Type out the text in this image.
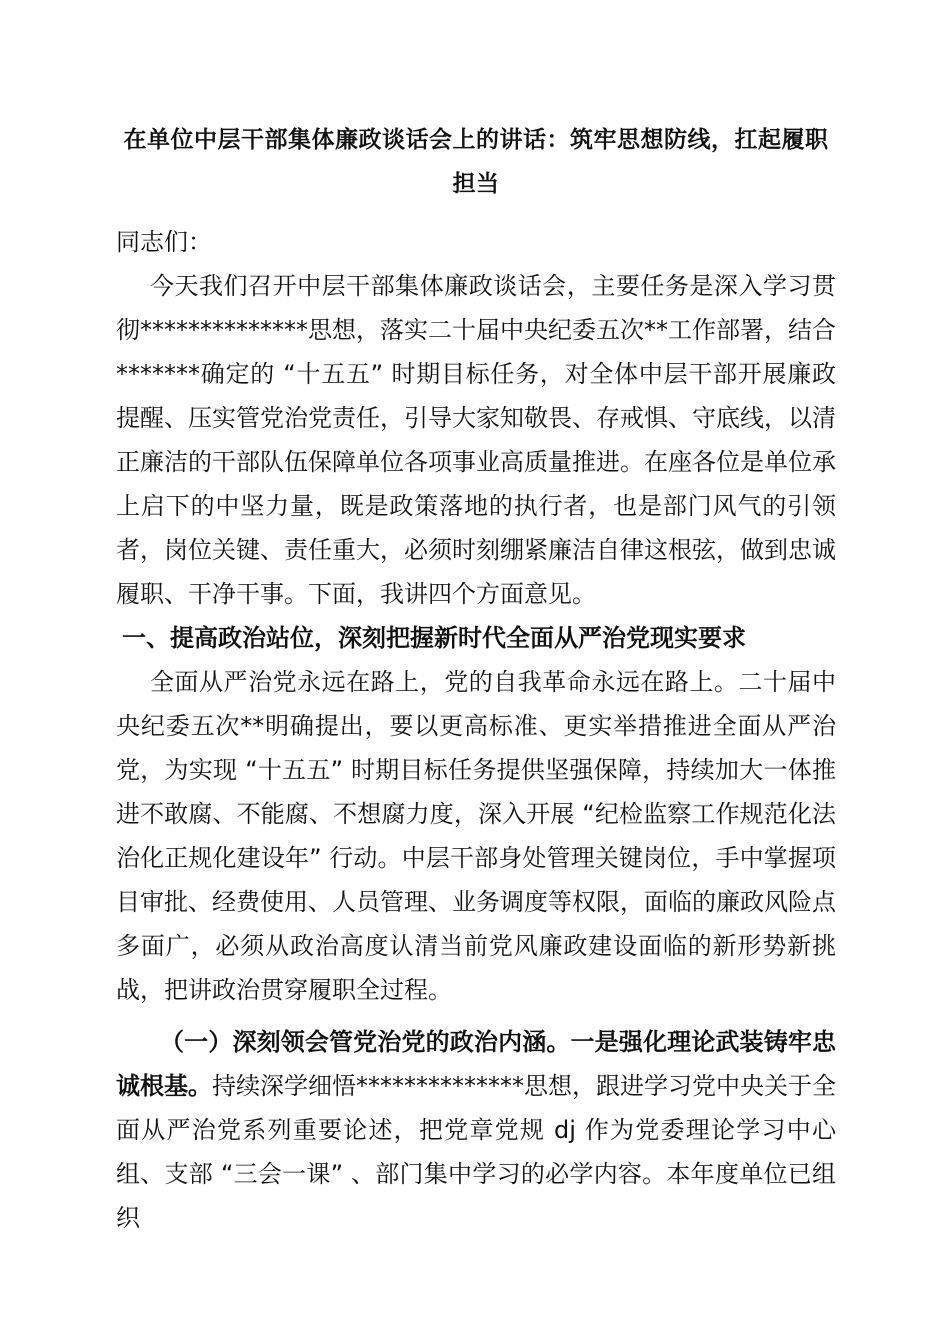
在单位中层干部集体廉政谈话会上的讲话：筑牢思想防线，扛起履职担当

同志们：

今天我们召开中层干部集体廉政谈话会，主要任务是深入学习贯彻**************思想，落实二十届中央纪委五次**工作部署，结合*******确定的 “十五五” 时期目标任务，对全体中层干部开展廉政提醒、压实管党治党责任，引导大家知敬畏、存戒惧、守底线，以清正廉洁的干部队伍保障单位各项事业高质量推进。在座各位是单位承上启下的中坚力量，既是政策落地的执行者，也是部门风气的引领者，岗位关键、责任重大，必须时刻绷紧廉洁自律这根弦，做到忠诚履职、干净干事。下面，我讲四个方面意见。

一、提高政治站位，深刻把握新时代全面从严治党现实要求

全面从严治党永远在路上，党的自我革命永远在路上。二十届中央纪委五次**明确提出，要以更高标准、更实举措推进全面从严治党，为实现 “十五五” 时期目标任务提供坚强保障，持续加大一体推进不敢腐、不能腐、不想腐力度，深入开展 “纪检监察工作规范化法治化正规化建设年” 行动。中层干部身处管理关键岗位，手中掌握项目审批、经费使用、人员管理、业务调度等权限，面临的廉政风险点多面广，必须从政治高度认清当前党风廉政建设面临的新形势新挑战，把讲政治贯穿履职全过程。

（一）深刻领会管党治党的政治内涵。一是强化理论武装铸牢忠诚根基。持续深学细悟**************思想，跟进学习党中央关于全面从严治党系列重要论述，把党章党规 dj 作为党委理论学习中心组、支部 “三会一课” 、部门集中学习的必学内容。本年度单位已组织
